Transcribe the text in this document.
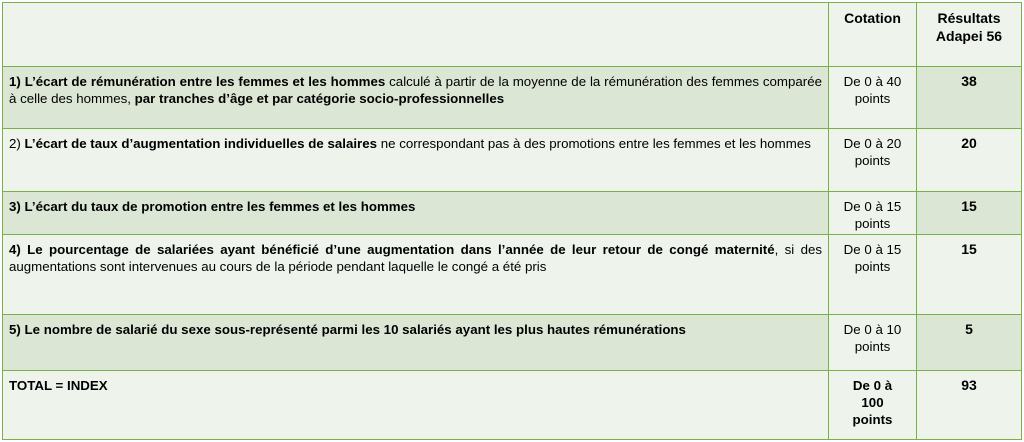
	Cotation	Résultats Adapei 56
1) L’écart de rémunération entre les femmes et les hommes calculé à partir de la moyenne de la rémunération des femmes comparée à celle des hommes, par tranches d’âge et par catégorie socio-professionnelles	De 0 à 40 points	38
2) L’écart de taux d’augmentation individuelles de salaires ne correspondant pas à des promotions entre les femmes et les hommes	De 0 à 20 points	20
3) L’écart du taux de promotion entre les femmes et les hommes	De 0 à 15 points	15
4) Le pourcentage de salariées ayant bénéficié d’une augmentation dans l’année de leur retour de congé maternité, si des augmentations sont intervenues au cours de la période pendant laquelle le congé a été pris	De 0 à 15 points	15
5) Le nombre de salarié du sexe sous-représenté parmi les 10 salariés ayant les plus hautes rémunérations	De 0 à 10 points	5
TOTAL = INDEX	De 0 à 100 points	93
